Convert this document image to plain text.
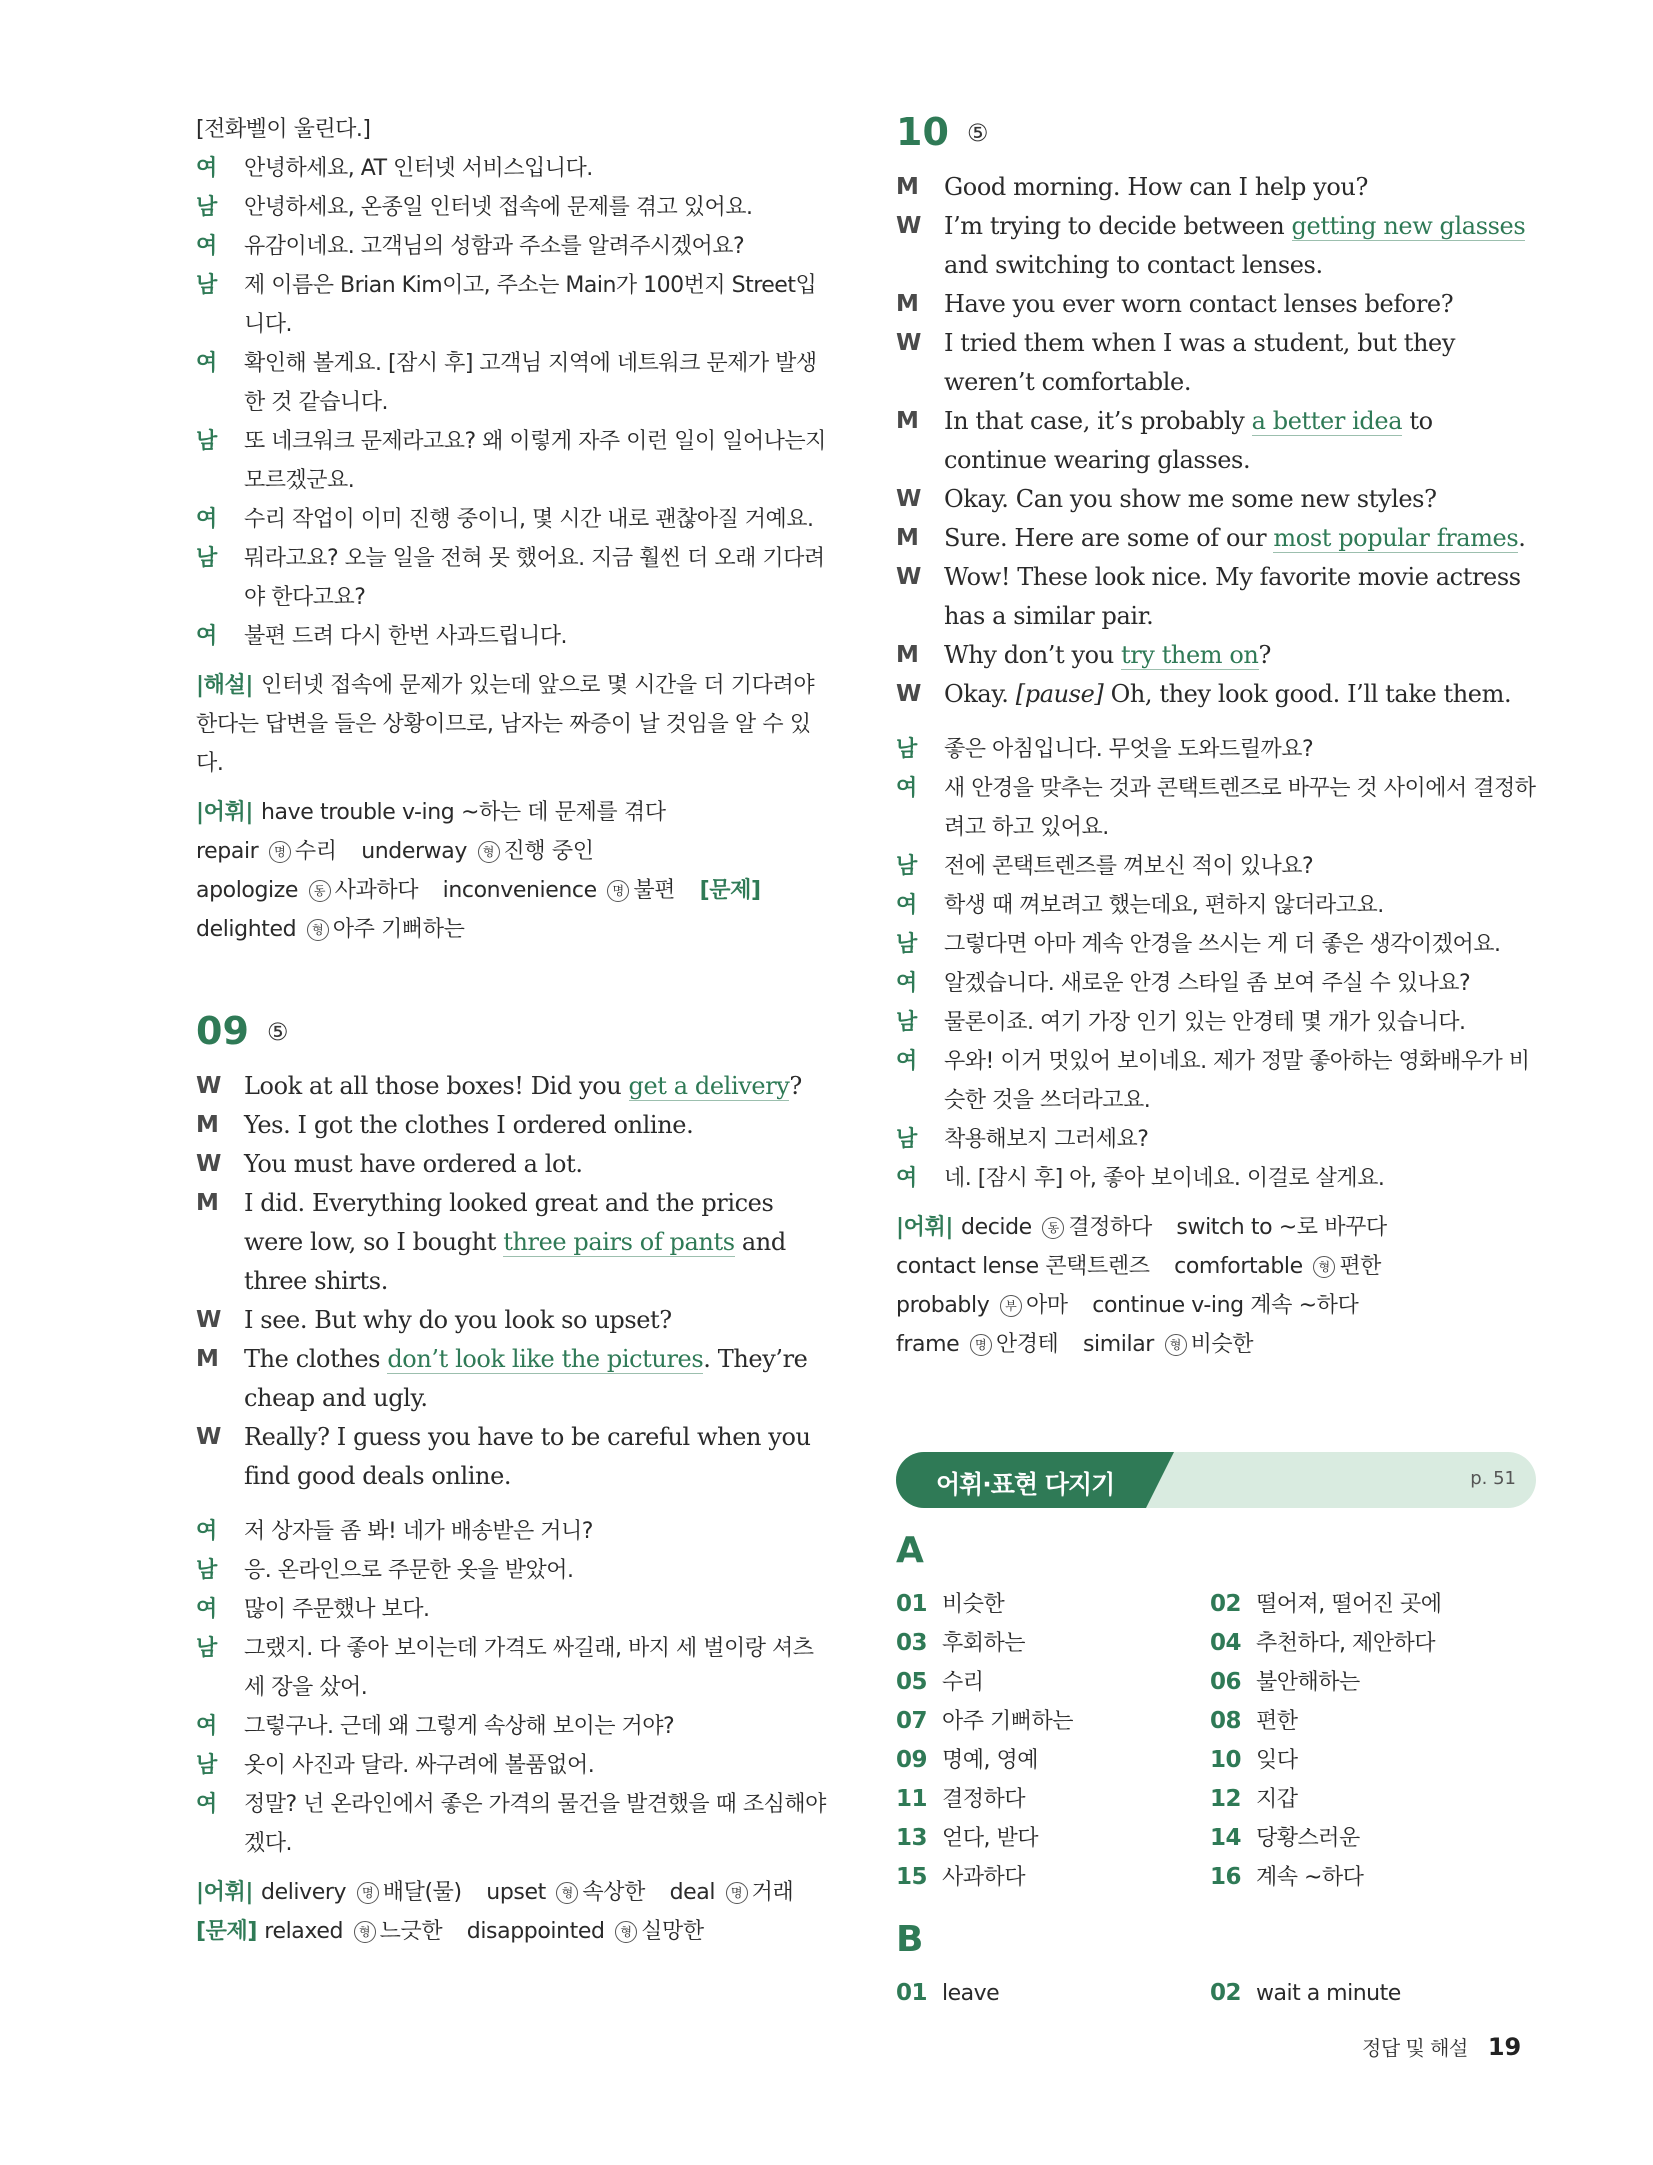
[전화벨이 울린다.]
여 안녕하세요, AT 인터넷 서비스입니다.
남 안녕하세요, 온종일 인터넷 접속에 문제를 겪고 있어요.
여 유감이네요. 고객님의 성함과 주소를 알려주시겠어요?
남 제 이름은 Brian Kim이고, 주소는 Main가 100번지 Street입니다.
여 확인해 볼게요. [잠시 후] 고객님 지역에 네트워크 문제가 발생한 것 같습니다.
남 또 네크워크 문제라고요? 왜 이렇게 자주 이런 일이 일어나는지 모르겠군요.
여 수리 작업이 이미 진행 중이니, 몇 시간 내로 괜찮아질 거예요.
남 뭐라고요? 오늘 일을 전혀 못 했어요. 지금 훨씬 더 오래 기다려야 한다고요?
여 불편 드려 다시 한번 사과드립니다.
|해설| 인터넷 접속에 문제가 있는데 앞으로 몇 시간을 더 기다려야 한다는 답변을 들은 상황이므로, 남자는 짜증이 날 것임을 알 수 있다.
|어휘| have trouble v-ing ~하는 데 문제를 겪다 repair 명 수리 underway 형 진행 중인 apologize 동 사과하다 inconvenience 명 불편 [문제] delighted 형 아주 기뻐하는
09 ⑤
W Look at all those boxes! Did you get a delivery?
M Yes. I got the clothes I ordered online.
W You must have ordered a lot.
M I did. Everything looked great and the prices were low, so I bought three pairs of pants and three shirts.
W I see. But why do you look so upset?
M The clothes don’t look like the pictures. They’re cheap and ugly.
W Really? I guess you have to be careful when you find good deals online.
여 저 상자들 좀 봐! 네가 배송받은 거니?
남 응. 온라인으로 주문한 옷을 받았어.
여 많이 주문했나 보다.
남 그랬지. 다 좋아 보이는데 가격도 싸길래, 바지 세 벌이랑 셔츠 세 장을 샀어.
여 그렇구나. 근데 왜 그렇게 속상해 보이는 거야?
남 옷이 사진과 달라. 싸구려에 볼품없어.
여 정말? 넌 온라인에서 좋은 가격의 물건을 발견했을 때 조심해야겠다.
|어휘| delivery 명 배달(물) upset 형 속상한 deal 명 거래 [문제] relaxed 형 느긋한 disappointed 형 실망한
10 ⑤
M Good morning. How can I help you?
W I’m trying to decide between getting new glasses and switching to contact lenses.
M Have you ever worn contact lenses before?
W I tried them when I was a student, but they weren’t comfortable.
M In that case, it’s probably a better idea to continue wearing glasses.
W Okay. Can you show me some new styles?
M Sure. Here are some of our most popular frames.
W Wow! These look nice. My favorite movie actress has a similar pair.
M Why don’t you try them on?
W Okay. [pause] Oh, they look good. I’ll take them.
남 좋은 아침입니다. 무엇을 도와드릴까요?
여 새 안경을 맞추는 것과 콘택트렌즈로 바꾸는 것 사이에서 결정하려고 하고 있어요.
남 전에 콘택트렌즈를 껴보신 적이 있나요?
여 학생 때 껴보려고 했는데요, 편하지 않더라고요.
남 그렇다면 아마 계속 안경을 쓰시는 게 더 좋은 생각이겠어요.
여 알겠습니다. 새로운 안경 스타일 좀 보여 주실 수 있나요?
남 물론이죠. 여기 가장 인기 있는 안경테 몇 개가 있습니다.
여 우와! 이거 멋있어 보이네요. 제가 정말 좋아하는 영화배우가 비슷한 것을 쓰더라고요.
남 착용해보지 그러세요?
여 네. [잠시 후] 아, 좋아 보이네요. 이걸로 살게요.
|어휘| decide 동 결정하다 switch to ~로 바꾸다 contact lense 콘택트렌즈 comfortable 형 편한 probably 부 아마 continue v-ing 계속 ~하다 frame 명 안경테 similar 형 비슷한
어휘·표현 다지기	p. 51
A
01 비슷한	02 떨어져, 떨어진 곳에
03 후회하는	04 추천하다, 제안하다
05 수리	06 불안해하는
07 아주 기뻐하는	08 편한
09 명예, 영예	10 잊다
11 결정하다	12 지갑
13 얻다, 받다	14 당황스러운
15 사과하다	16 계속 ~하다
B
01 leave	02 wait a minute
정답 및 해설 19
